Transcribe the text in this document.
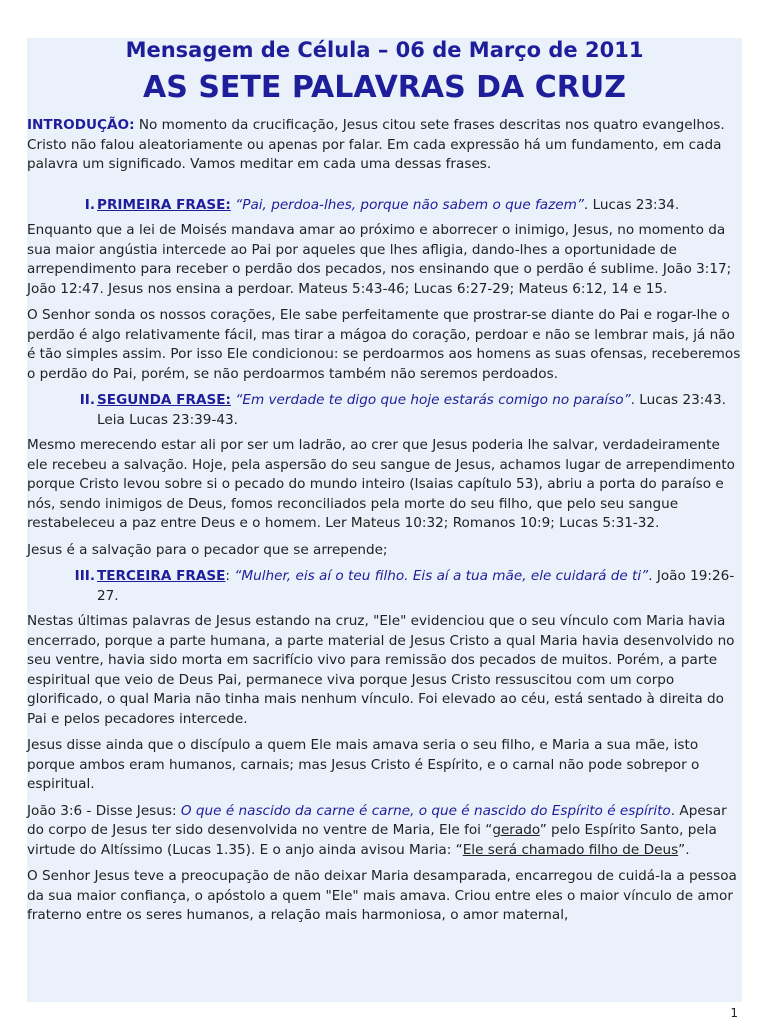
Mensagem de Célula – 06 de Março de 2011
AS SETE PALAVRAS DA CRUZ

INTRODUÇÃO: No momento da crucificação, Jesus citou sete frases descritas nos quatro evangelhos. Cristo não falou aleatoriamente ou apenas por falar. Em cada expressão há um fundamento, em cada palavra um significado. Vamos meditar em cada uma dessas frases.

I. PRIMEIRA FRASE: “Pai, perdoa-lhes, porque não sabem o que fazem”. Lucas 23:34.

Enquanto que a lei de Moisés mandava amar ao próximo e aborrecer o inimigo, Jesus, no momento da sua maior angústia intercede ao Pai por aqueles que lhes afligia, dando-lhes a oportunidade de arrependimento para receber o perdão dos pecados, nos ensinando que o perdão é sublime. João 3:17; João 12:47. Jesus nos ensina a perdoar. Mateus 5:43-46; Lucas 6:27-29; Mateus 6:12, 14 e 15.

O Senhor sonda os nossos corações, Ele sabe perfeitamente que prostrar-se diante do Pai e rogar-lhe o perdão é algo relativamente fácil, mas tirar a mágoa do coração, perdoar e não se lembrar mais, já não é tão simples assim. Por isso Ele condicionou: se perdoarmos aos homens as suas ofensas, receberemos o perdão do Pai, porém, se não perdoarmos também não seremos perdoados.

II. SEGUNDA FRASE: “Em verdade te digo que hoje estarás comigo no paraíso”. Lucas 23:43. Leia Lucas 23:39-43.

Mesmo merecendo estar ali por ser um ladrão, ao crer que Jesus poderia lhe salvar, verdadeiramente ele recebeu a salvação. Hoje, pela aspersão do seu sangue de Jesus, achamos lugar de arrependimento porque Cristo levou sobre si o pecado do mundo inteiro (Isaias capítulo 53), abriu a porta do paraíso e nós, sendo inimigos de Deus, fomos reconciliados pela morte do seu filho, que pelo seu sangue restabeleceu a paz entre Deus e o homem. Ler Mateus 10:32; Romanos 10:9; Lucas 5:31-32.

Jesus é a salvação para o pecador que se arrepende;

III. TERCEIRA FRASE: “Mulher, eis aí o teu filho. Eis aí a tua mãe, ele cuidará de ti”. João 19:26-27.

Nestas últimas palavras de Jesus estando na cruz, "Ele" evidenciou que o seu vínculo com Maria havia encerrado, porque a parte humana, a parte material de Jesus Cristo a qual Maria havia desenvolvido no seu ventre, havia sido morta em sacrifício vivo para remissão dos pecados de muitos. Porém, a parte espiritual que veio de Deus Pai, permanece viva porque Jesus Cristo ressuscitou com um corpo glorificado, o qual Maria não tinha mais nenhum vínculo. Foi elevado ao céu, está sentado à direita do Pai e pelos pecadores intercede.

Jesus disse ainda que o discípulo a quem Ele mais amava seria o seu filho, e Maria a sua mãe, isto porque ambos eram humanos, carnais; mas Jesus Cristo é Espírito, e o carnal não pode sobrepor o espiritual.

João 3:6 - Disse Jesus: O que é nascido da carne é carne, o que é nascido do Espírito é espírito. Apesar do corpo de Jesus ter sido desenvolvida no ventre de Maria, Ele foi “gerado” pelo Espírito Santo, pela virtude do Altíssimo (Lucas 1.35). E o anjo ainda avisou Maria: “Ele será chamado filho de Deus”.

O Senhor Jesus teve a preocupação de não deixar Maria desamparada, encarregou de cuidá-la a pessoa da sua maior confiança, o apóstolo a quem "Ele" mais amava. Criou entre eles o maior vínculo de amor fraterno entre os seres humanos, a relação mais harmoniosa, o amor maternal,

1
